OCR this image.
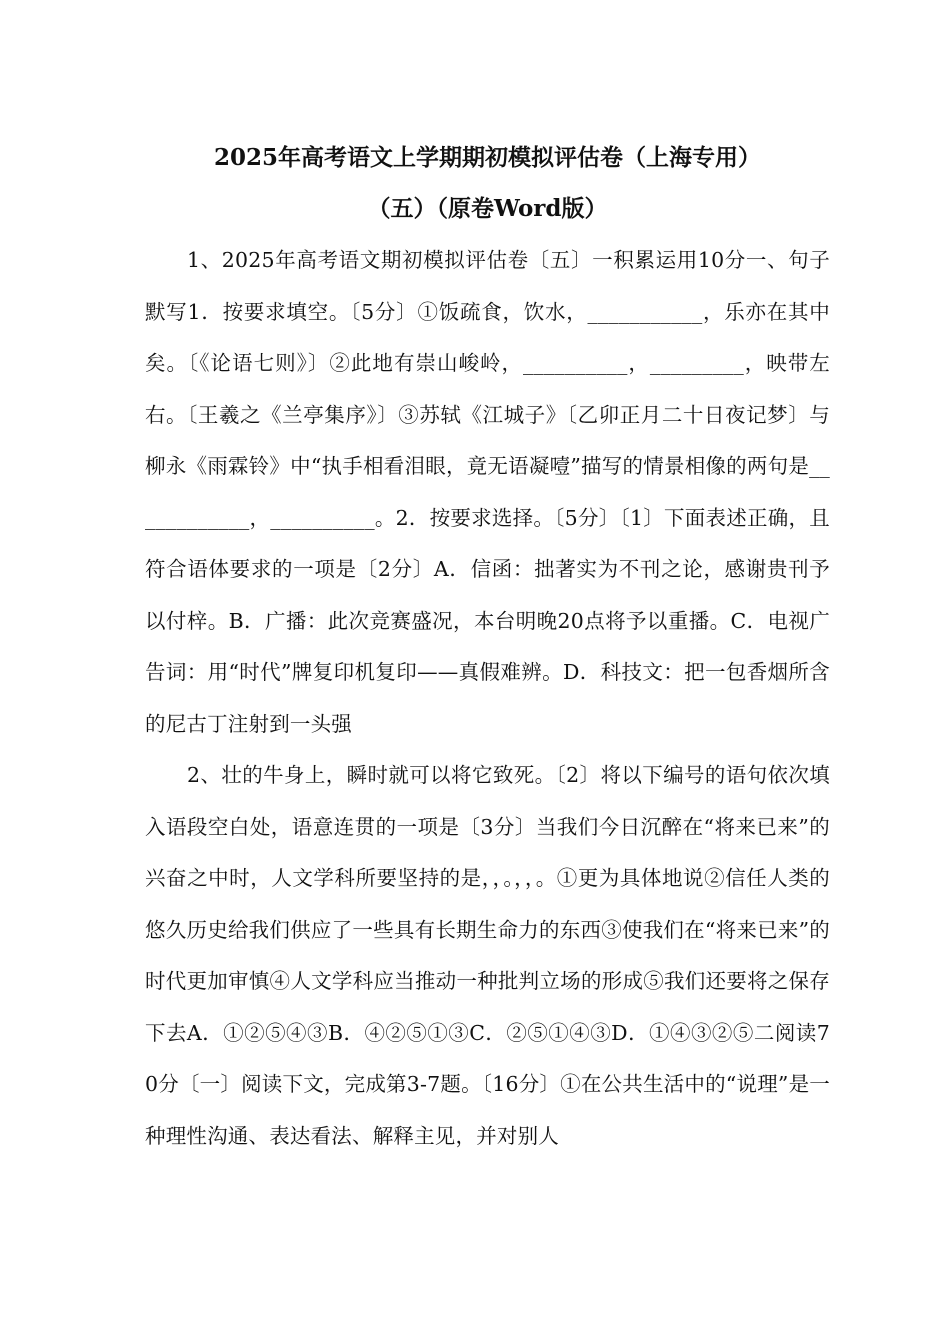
2025年高考语文上学期期初模拟评估卷（上海专用）
（五）（原卷Word版）

1、2025年高考语文期初模拟评估卷〔五〕一积累运用10分一、句子默写1．按要求填空。〔5分〕①饭疏食，饮水，___________，乐亦在其中矣。〔《论语七则》〕②此地有崇山峻岭，__________，_________，映带左右。〔王羲之《兰亭集序》〕③苏轼《江城子》〔乙卯正月二十日夜记梦〕与柳永《雨霖铃》中“执手相看泪眼，竟无语凝噎”描写的情景相像的两句是____________，__________。2．按要求选择。〔5分〕〔1〕下面表述正确，且符合语体要求的一项是〔2分〕A．信函：拙著实为不刊之论，感谢贵刊予以付梓。B．广播：此次竞赛盛况，本台明晚20点将予以重播。C．电视广告词：用“时代”牌复印机复印——真假难辨。D．科技文：把一包香烟所含的尼古丁注射到一头强

2、壮的牛身上，瞬时就可以将它致死。〔2〕将以下编号的语句依次填入语段空白处，语意连贯的一项是〔3分〕当我们今日沉醉在“将来已来”的兴奋之中时，人文学科所要坚持的是，，。，，。①更为具体地说②信任人类的悠久历史给我们供应了一些具有长期生命力的东西③使我们在“将来已来”的时代更加审慎④人文学科应当推动一种批判立场的形成⑤我们还要将之保存下去A．①②⑤④③B．④②⑤①③C．②⑤①④③D．①④③②⑤二阅读70分〔一〕阅读下文，完成第3-7题。〔16分〕①在公共生活中的“说理”是一种理性沟通、表达看法、解释主见，并对别人
